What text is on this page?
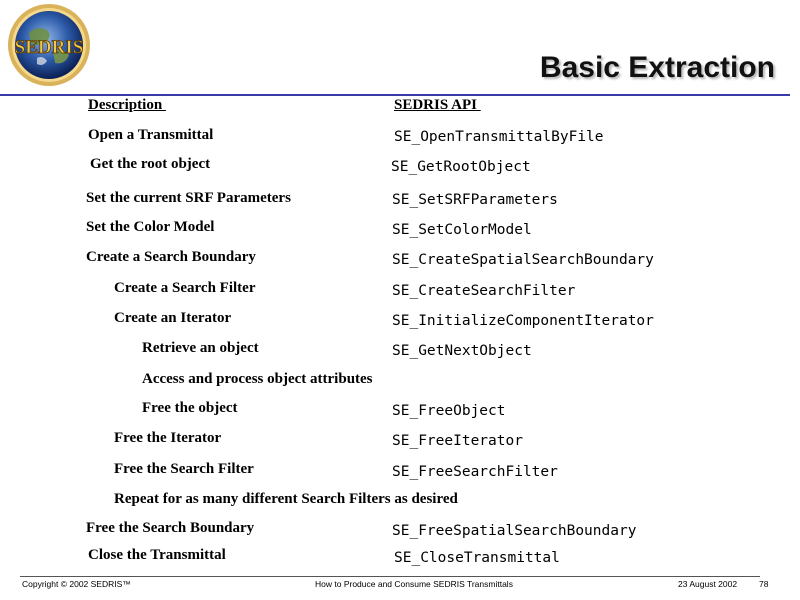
SEDRIS
Basic Extraction
Description	SEDRIS API
Open a Transmittal	SE_OpenTransmittalByFile
Get the root object	SE_GetRootObject
Set the current SRF Parameters	SE_SetSRFParameters
Set the Color Model	SE_SetColorModel
Create a Search Boundary	SE_CreateSpatialSearchBoundary
Create a Search Filter	SE_CreateSearchFilter
Create an Iterator	SE_InitializeComponentIterator
Retrieve an object	SE_GetNextObject
Access and process object attributes
Free the object	SE_FreeObject
Free the Iterator	SE_FreeIterator
Free the Search Filter	SE_FreeSearchFilter
Repeat for as many different Search Filters as desired
Free the Search Boundary	SE_FreeSpatialSearchBoundary
Close the Transmittal	SE_CloseTransmittal
Copyright © 2002 SEDRIS™	How to Produce and Consume SEDRIS Transmittals	23 August 2002	78
